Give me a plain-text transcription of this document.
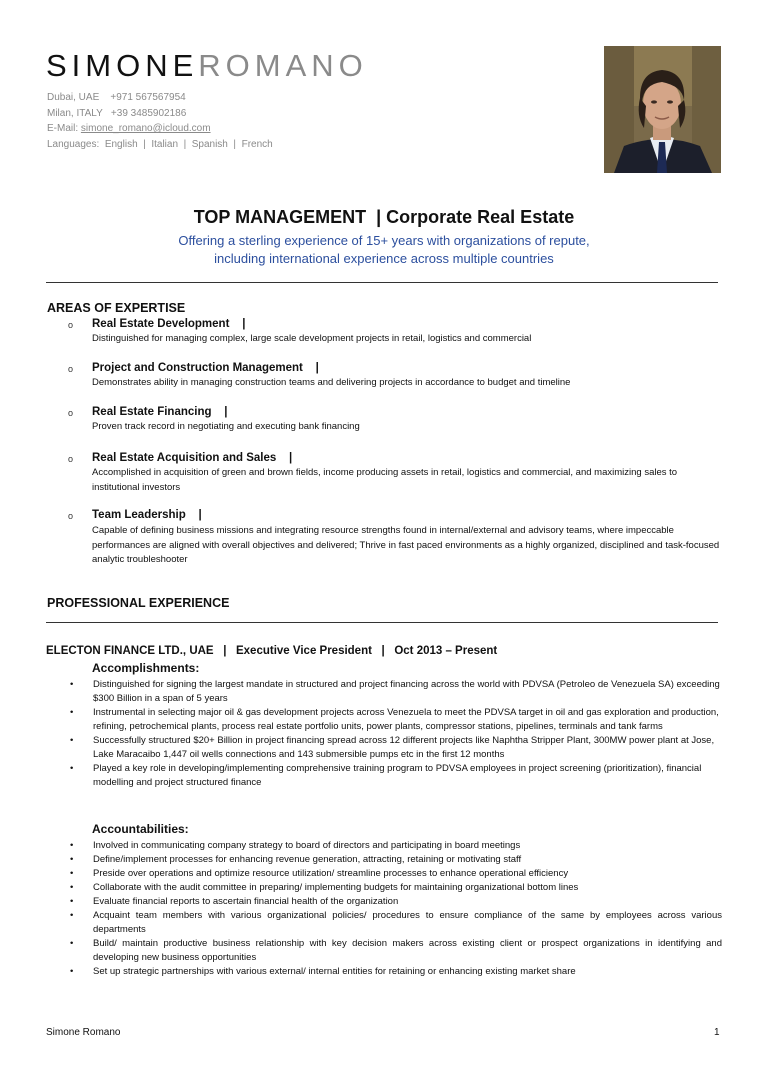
SIMONEROMANO
Dubai, UAE    +971 567567954
Milan, ITALY   +39 3485902186
E-Mail: simone_romano@icloud.com
Languages:  English  |  Italian  |  Spanish  |  French
TOP MANAGEMENT  | Corporate Real Estate
Offering a sterling experience of 15+ years with organizations of repute,
including international experience across multiple countries
AREAS OF EXPERTISE
o Real Estate Development    |
Distinguished for managing complex, large scale development projects in retail, logistics and commercial
o Project and Construction Management    |
Demonstrates ability in managing construction teams and delivering projects in accordance to budget and timeline
o Real Estate Financing    |
Proven track record in negotiating and executing bank financing
o Real Estate Acquisition and Sales    |
Accomplished in acquisition of green and brown fields, income producing assets in retail, logistics and commercial, and maximizing sales to institutional investors
o Team Leadership    |
Capable of defining business missions and integrating resource strengths found in internal/external and advisory teams, where impeccable performances are aligned with overall objectives and delivered; Thrive in fast paced environments as a highly organized, disciplined and task-focused analytic troubleshooter
PROFESSIONAL EXPERIENCE
ELECTON FINANCE LTD., UAE   |   Executive Vice President   |   Oct 2013 – Present
Accomplishments:
• Distinguished for signing the largest mandate in structured and project financing across the world with PDVSA (Petroleo de Venezuela SA) exceeding $300 Billion in a span of 5 years
• Instrumental in selecting major oil & gas development projects across Venezuela to meet the PDVSA target in oil and gas exploration and production, refining, petrochemical plants, process real estate portfolio units, power plants, compressor stations, pipelines, terminals and tank farms
• Successfully structured $20+ Billion in project financing spread across 12 different projects like Naphtha Stripper Plant, 300MW power plant at Jose, Lake Maracaibo 1,447 oil wells connections and 143 submersible pumps etc in the first 12 months
• Played a key role in developing/implementing comprehensive training program to PDVSA employees in project screening (prioritization), financial modelling and project structured finance
Accountabilities:
• Involved in communicating company strategy to board of directors and participating in board meetings
• Define/implement processes for enhancing revenue generation, attracting, retaining or motivating staff
• Preside over operations and optimize resource utilization/ streamline processes to enhance operational efficiency
• Collaborate with the audit committee in preparing/ implementing budgets for maintaining organizational bottom lines
• Evaluate financial reports to ascertain financial health of the organization
• Acquaint team members with various organizational policies/ procedures to ensure compliance of the same by employees across various departments
• Build/ maintain productive business relationship with key decision makers across existing client or prospect organizations in identifying and developing new business opportunities
• Set up strategic partnerships with various external/ internal entities for retaining or enhancing existing market share
Simone Romano	1
